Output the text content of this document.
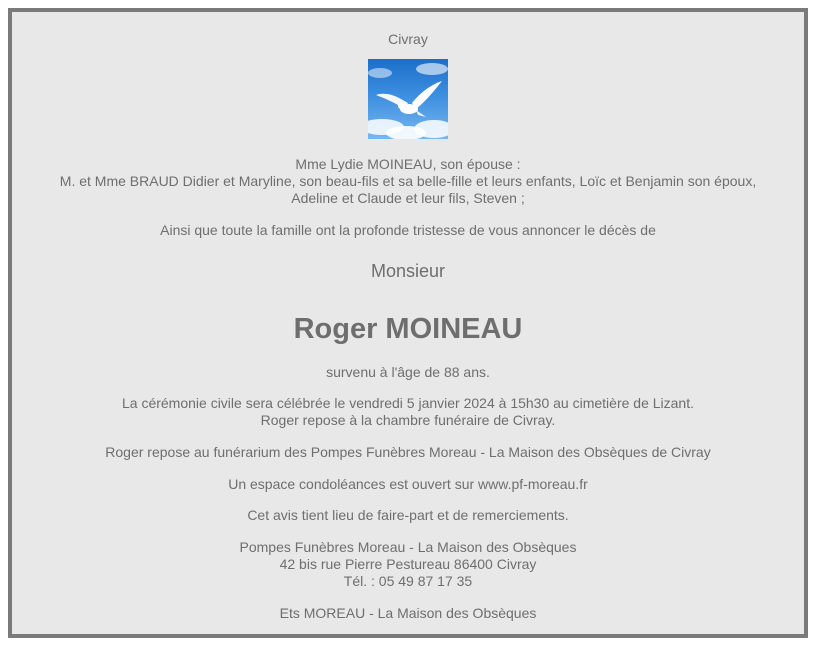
Civray
Mme Lydie MOINEAU, son épouse :
M. et Mme BRAUD Didier et Maryline, son beau-fils et sa belle-fille et leurs enfants, Loïc et Benjamin son époux,
Adeline et Claude et leur fils, Steven ;
Ainsi que toute la famille ont la profonde tristesse de vous annoncer le décès de
Monsieur
Roger MOINEAU
survenu à l'âge de 88 ans.
La cérémonie civile sera célébrée le vendredi 5 janvier 2024 à 15h30 au cimetière de Lizant.
Roger repose à la chambre funéraire de Civray.
Roger repose au funérarium des Pompes Funèbres Moreau - La Maison des Obsèques de Civray
Un espace condoléances est ouvert sur www.pf-moreau.fr
Cet avis tient lieu de faire-part et de remerciements.
Pompes Funèbres Moreau - La Maison des Obsèques
42 bis rue Pierre Pestureau 86400 Civray
Tél. : 05 49 87 17 35
Ets MOREAU - La Maison des Obsèques
